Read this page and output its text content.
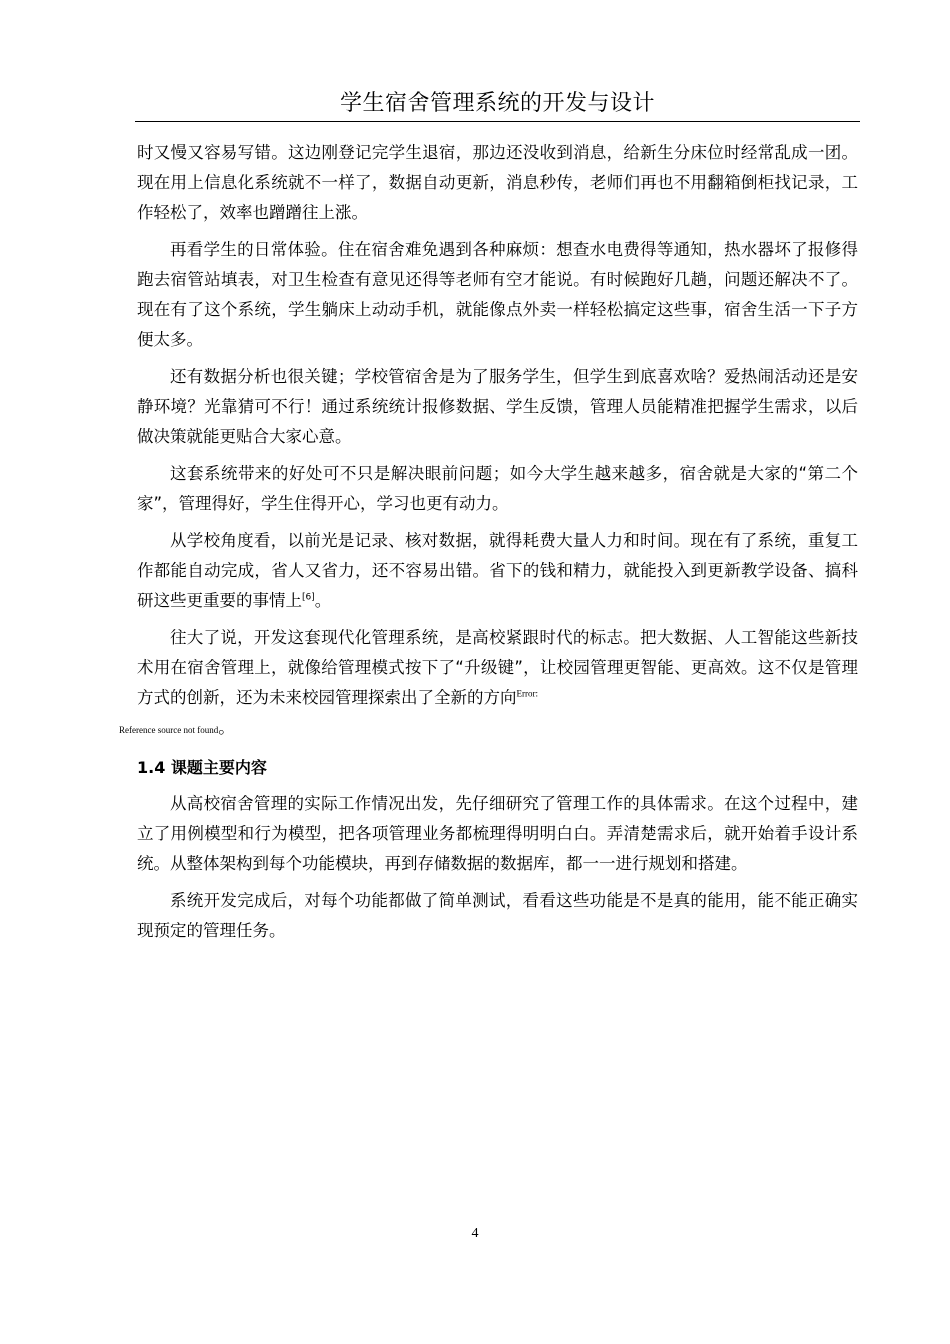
学生宿舍管理系统的开发与设计

时又慢又容易写错。这边刚登记完学生退宿，那边还没收到消息，给新生分床位时经常乱成一团。现在用上信息化系统就不一样了，数据自动更新，消息秒传，老师们再也不用翻箱倒柜找记录，工作轻松了，效率也蹭蹭往上涨。

再看学生的日常体验。住在宿舍难免遇到各种麻烦：想查水电费得等通知，热水器坏了报修得跑去宿管站填表，对卫生检查有意见还得等老师有空才能说。有时候跑好几趟，问题还解决不了。现在有了这个系统，学生躺床上动动手机，就能像点外卖一样轻松搞定这些事，宿舍生活一下子方便太多。

还有数据分析也很关键；学校管宿舍是为了服务学生，但学生到底喜欢啥？爱热闹活动还是安静环境？光靠猜可不行！通过系统统计报修数据、学生反馈，管理人员能精准把握学生需求，以后做决策就能更贴合大家心意。

这套系统带来的好处可不只是解决眼前问题；如今大学生越来越多，宿舍就是大家的“第二个家”，管理得好，学生住得开心，学习也更有动力。

从学校角度看，以前光是记录、核对数据，就得耗费大量人力和时间。现在有了系统，重复工作都能自动完成，省人又省力，还不容易出错。省下的钱和精力，就能投入到更新教学设备、搞科研这些更重要的事情上[6]。

往大了说，开发这套现代化管理系统，是高校紧跟时代的标志。把大数据、人工智能这些新技术用在宿舍管理上，就像给管理模式按下了“升级键”，让校园管理更智能、更高效。这不仅是管理方式的创新，还为未来校园管理探索出了全新的方向$^{Error:}$
Reference source not found。

1.4 课题主要内容

从高校宿舍管理的实际工作情况出发，先仔细研究了管理工作的具体需求。在这个过程中，建立了用例模型和行为模型，把各项管理业务都梳理得明明白白。弄清楚需求后，就开始着手设计系统。从整体架构到每个功能模块，再到存储数据的数据库，都一一进行规划和搭建。

系统开发完成后，对每个功能都做了简单测试，看看这些功能是不是真的能用，能不能正确实现预定的管理任务。

4
